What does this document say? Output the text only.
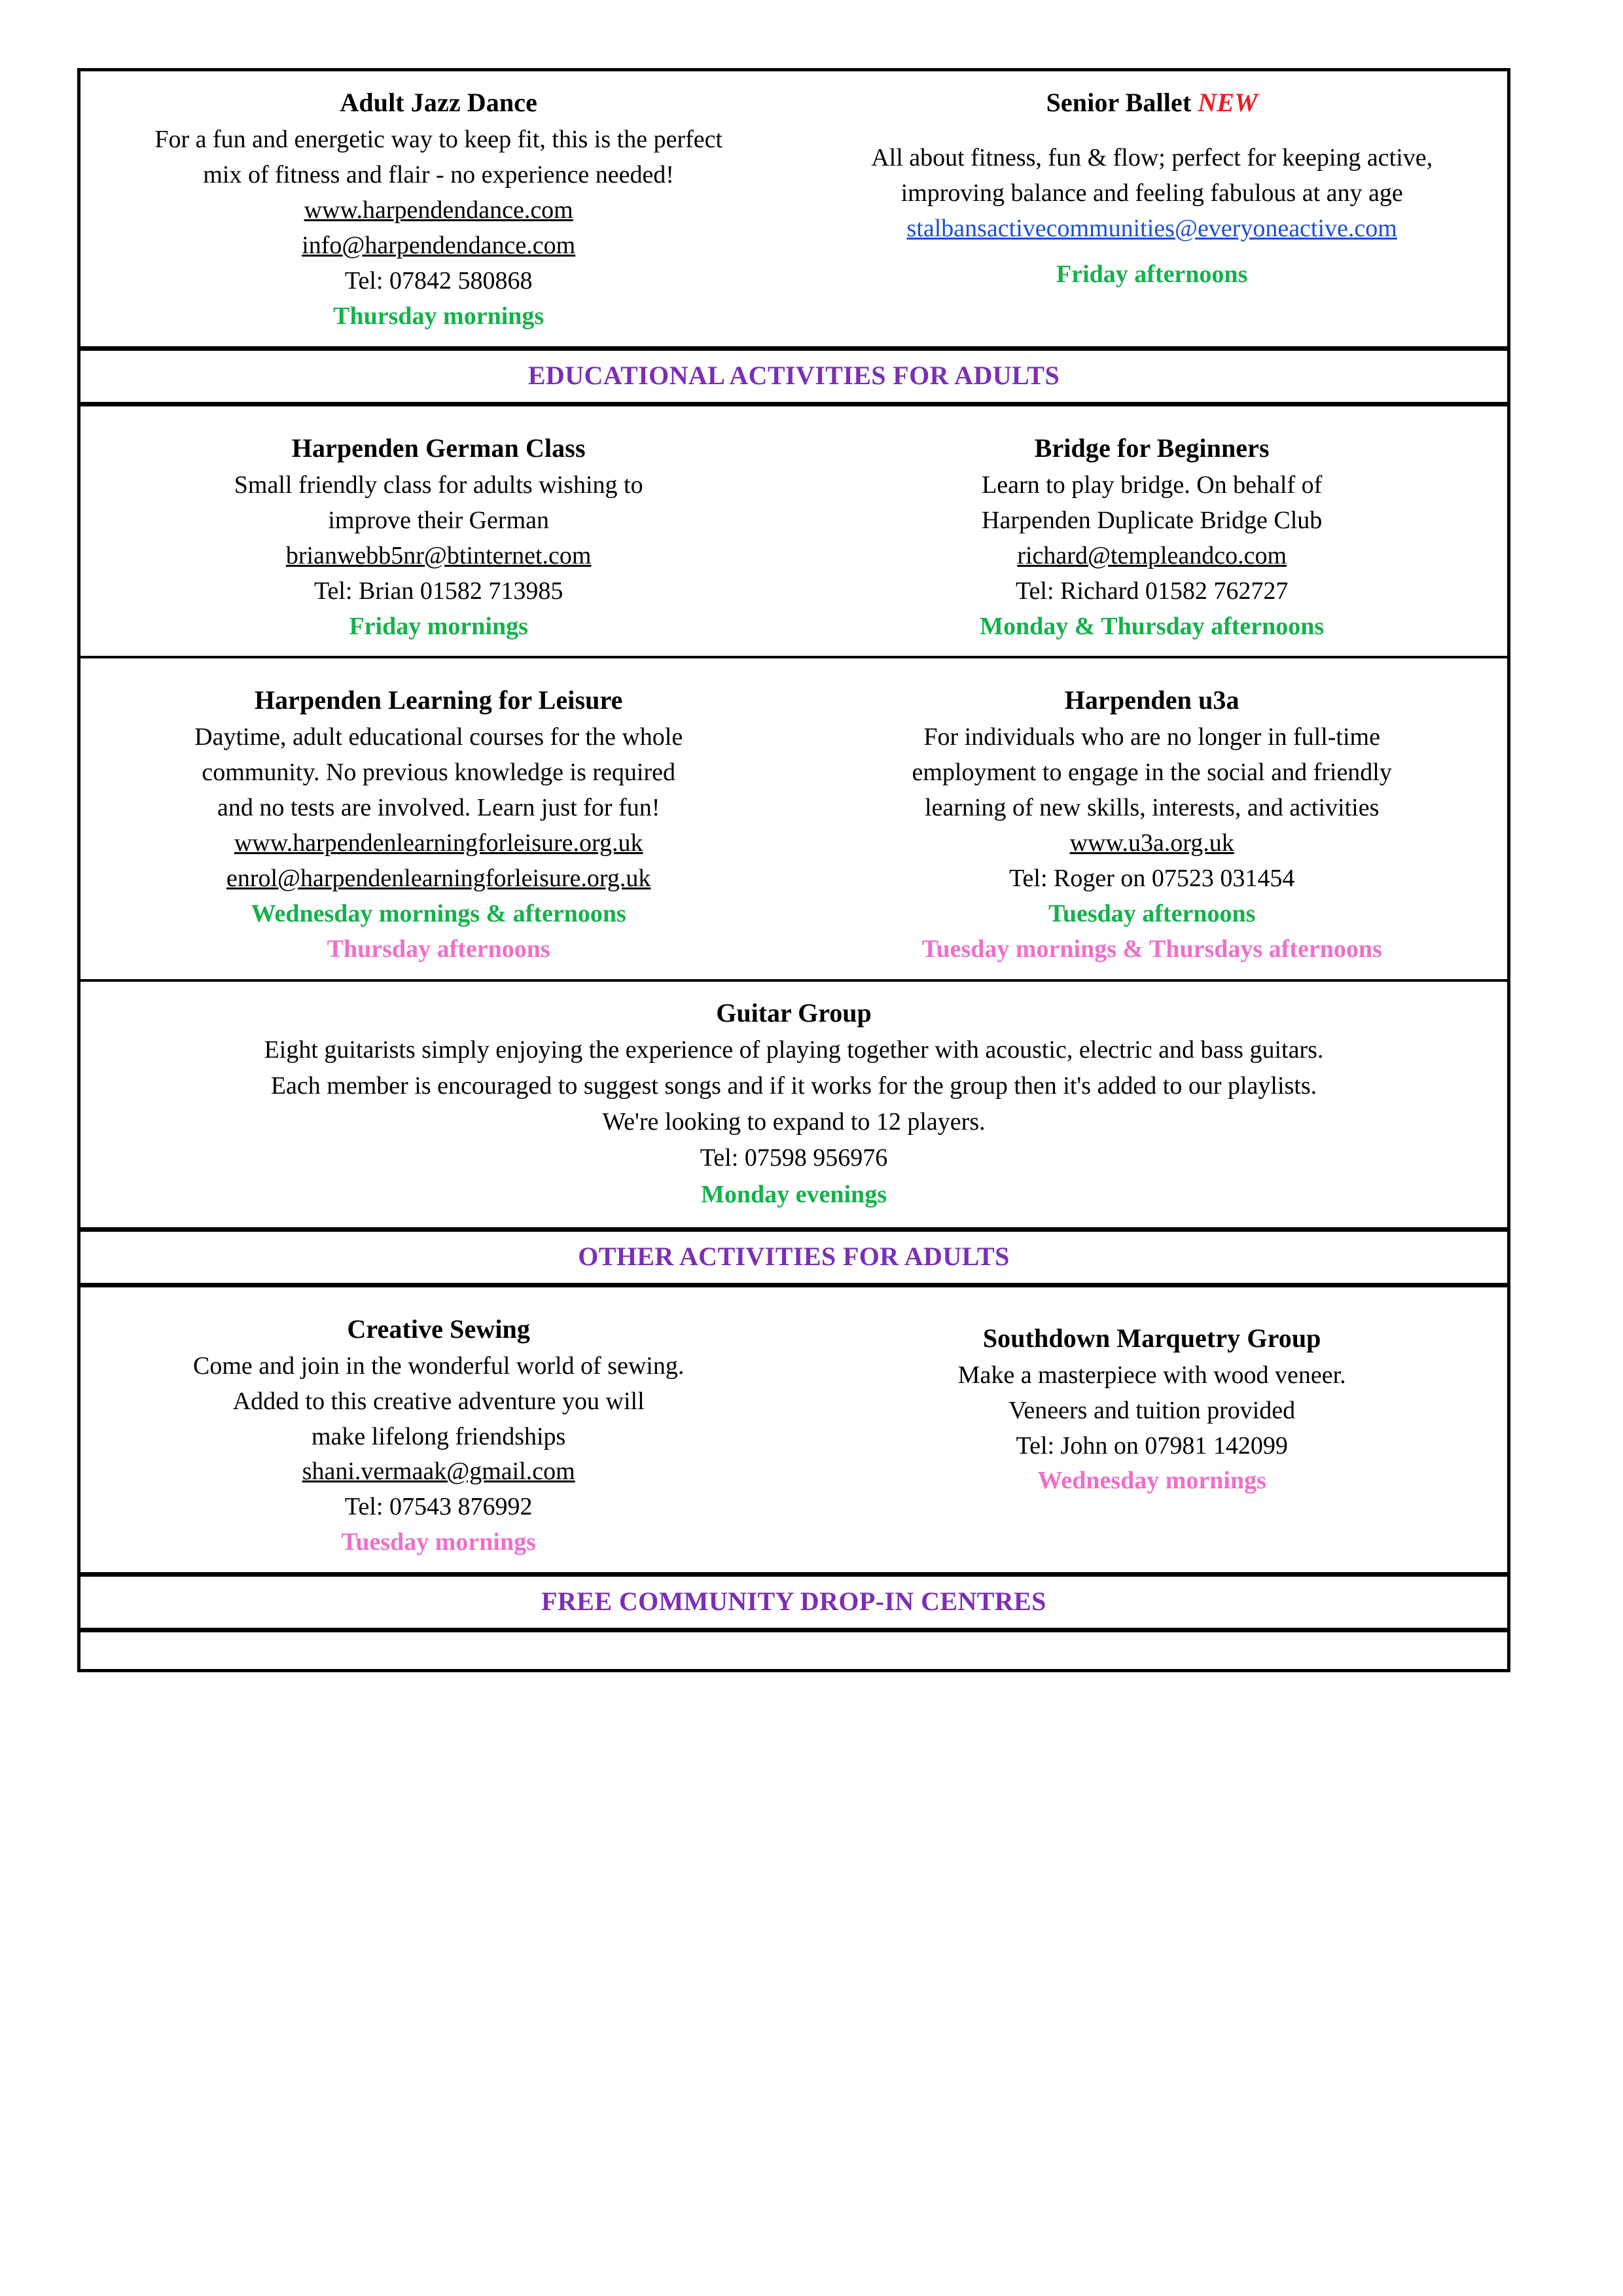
Adult Jazz Dance
For a fun and energetic way to keep fit, this is the perfect
mix of fitness and flair - no experience needed!
www.harpendendance.com
info@harpendendance.com
Tel: 07842 580868
Thursday mornings

Senior Ballet NEW
All about fitness, fun & flow; perfect for keeping active,
improving balance and feeling fabulous at any age
stalbansactivecommunities@everyoneactive.com
Friday afternoons

EDUCATIONAL ACTIVITIES FOR ADULTS	

Harpenden German Class
Small friendly class for adults wishing to
improve their German
brianwebb5nr@btinternet.com
Tel: Brian 01582 713985
Friday mornings

Bridge for Beginners
Learn to play bridge. On behalf of
Harpenden Duplicate Bridge Club
richard@templeandco.com
Tel: Richard 01582 762727
Monday & Thursday afternoons

Harpenden Learning for Leisure
Daytime, adult educational courses for the whole
community. No previous knowledge is required
and no tests are involved. Learn just for fun!
www.harpendenlearningforleisure.org.uk
enrol@harpendenlearningforleisure.org.uk
Wednesday mornings & afternoons
Thursday afternoons

Harpenden u3a
For individuals who are no longer in full-time
employment to engage in the social and friendly
learning of new skills, interests, and activities
www.u3a.org.uk
Tel: Roger on 07523 031454
Tuesday afternoons
Tuesday mornings & Thursdays afternoons

Guitar Group
Eight guitarists simply enjoying the experience of playing together with acoustic, electric and bass guitars.
Each member is encouraged to suggest songs and if it works for the group then it's added to our playlists.
We're looking to expand to 12 players.
Tel: 07598 956976
Monday evenings

OTHER ACTIVITIES FOR ADULTS	

Creative Sewing
Come and join in the wonderful world of sewing.
Added to this creative adventure you will
make lifelong friendships
shani.vermaak@gmail.com
Tel: 07543 876992
Tuesday mornings

Southdown Marquetry Group
Make a masterpiece with wood veneer.
Veneers and tuition provided
Tel: John on 07981 142099
Wednesday mornings

FREE COMMUNITY DROP-IN CENTRES	
